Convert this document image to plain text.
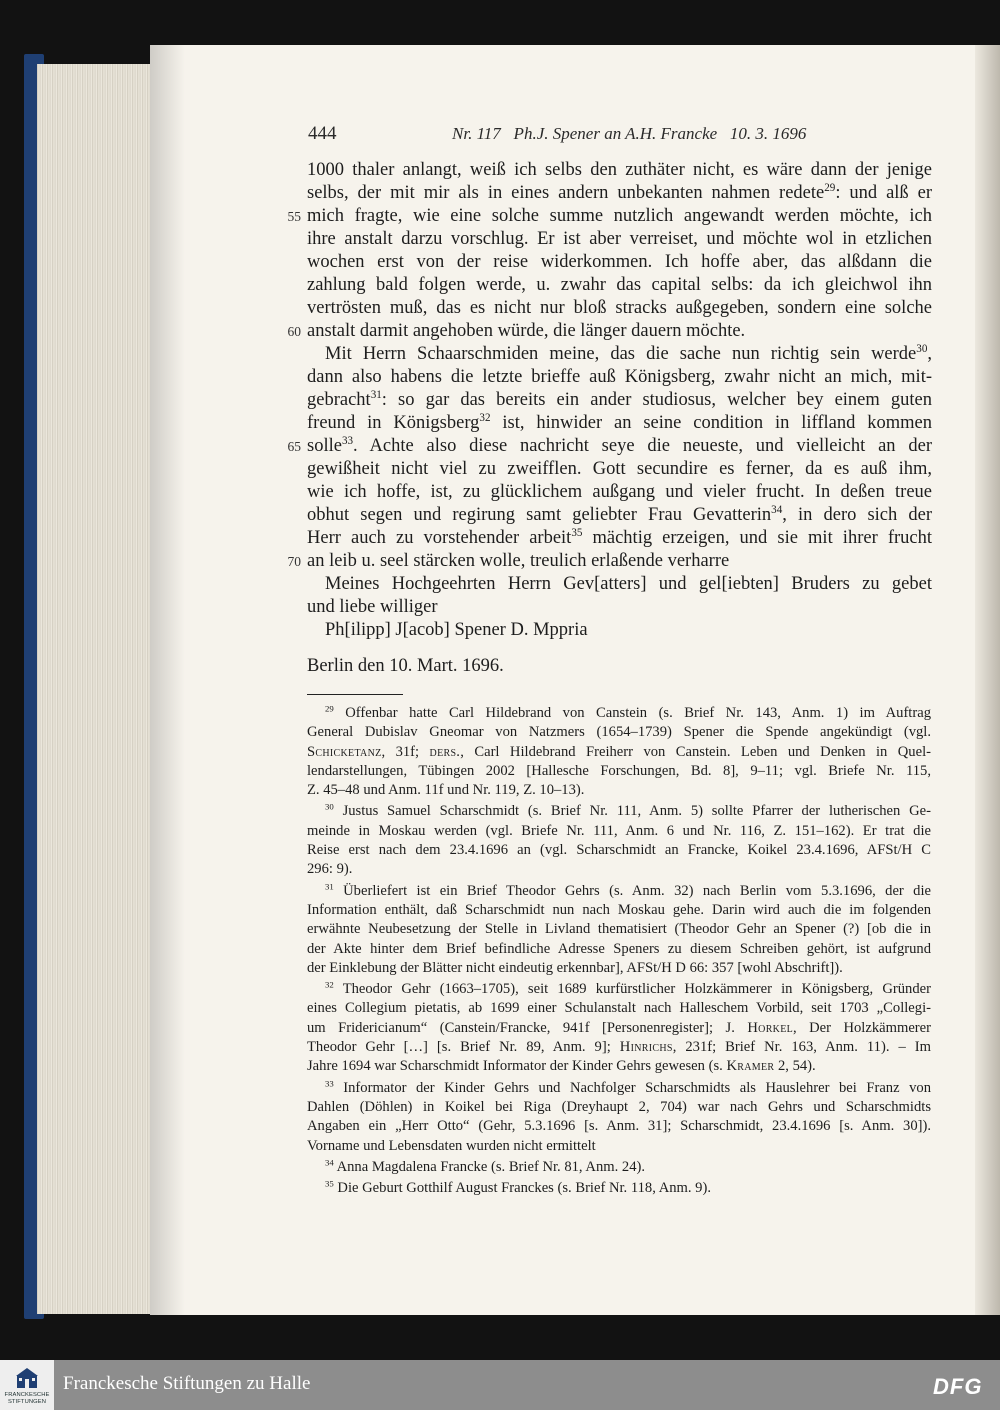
444	Nr. 117   Ph.J. Spener an A.H. Francke   10. 3. 1696
55
60
65
70
1000 thaler anlangt, weiß ich selbs den zuthäter nicht, es wäre dann der jenige
selbs, der mit mir als in eines andern unbekanten nahmen redete$^{29}$: und alß er
mich fragte, wie eine solche summe nutzlich angewandt werden möchte, ich
ihre anstalt darzu vorschlug. Er ist aber verreiset, und möchte wol in etzlichen
wochen erst von der reise widerkommen. Ich hoffe aber, das alßdann die
zahlung bald folgen werde, u. zwahr das capital selbs: da ich gleichwol ihn
vertrösten muß, das es nicht nur bloß stracks außgegeben, sondern eine solche
anstalt darmit angehoben würde, die länger dauern möchte.
Mit Herrn Schaarschmiden meine, das die sache nun richtig sein werde$^{30}$,
dann also habens die letzte brieffe auß Königsberg, zwahr nicht an mich, mit-
gebracht$^{31}$: so gar das bereits ein ander studiosus, welcher bey einem guten
freund in Königsberg$^{32}$ ist, hinwider an seine condition in liffland kommen
solle$^{33}$. Achte also diese nachricht seye die neueste, und vielleicht an der
gewißheit nicht viel zu zweifflen. Gott secundire es ferner, da es auß ihm,
wie ich hoffe, ist, zu glücklichem außgang und vieler frucht. In deßen treue
obhut segen und regirung samt geliebter Frau Gevatterin$^{34}$, in dero sich der
Herr auch zu vorstehender arbeit$^{35}$ mächtig erzeigen, und sie mit ihrer frucht
an leib u. seel stärcken wolle, treulich erlaßende verharre
Meines Hochgeehrten Herrn Gev[atters] und gel[iebten] Bruders zu gebet
und liebe williger
Ph[ilipp] J[acob] Spener D. Mppria
Berlin den 10. Mart. 1696.
$^{29}$ Offenbar hatte Carl Hildebrand von Canstein (s. Brief Nr. 143, Anm. 1) im Auftrag
General Dubislav Gneomar von Natzmers (1654–1739) Spener die Spende angekündigt (vgl.
Schicketanz, 31f; ders., Carl Hildebrand Freiherr von Canstein. Leben und Denken in Quel-
lendarstellungen, Tübingen 2002 [Hallesche Forschungen, Bd. 8], 9–11; vgl. Briefe Nr. 115,
Z. 45–48 und Anm. 11f und Nr. 119, Z. 10–13).
$^{30}$ Justus Samuel Scharschmidt (s. Brief Nr. 111, Anm. 5) sollte Pfarrer der lutherischen Ge-
meinde in Moskau werden (vgl. Briefe Nr. 111, Anm. 6 und Nr. 116, Z. 151–162). Er trat die
Reise erst nach dem 23.4.1696 an (vgl. Scharschmidt an Francke, Koikel 23.4.1696, AFSt/H C
296: 9).
$^{31}$ Überliefert ist ein Brief Theodor Gehrs (s. Anm. 32) nach Berlin vom 5.3.1696, der die
Information enthält, daß Scharschmidt nun nach Moskau gehe. Darin wird auch die im folgenden
erwähnte Neubesetzung der Stelle in Livland thematisiert (Theodor Gehr an Spener (?) [ob die in
der Akte hinter dem Brief befindliche Adresse Speners zu diesem Schreiben gehört, ist aufgrund
der Einklebung der Blätter nicht eindeutig erkennbar], AFSt/H D 66: 357 [wohl Abschrift]).
$^{32}$ Theodor Gehr (1663–1705), seit 1689 kurfürstlicher Holzkämmerer in Königsberg, Gründer
eines Collegium pietatis, ab 1699 einer Schulanstalt nach Halleschem Vorbild, seit 1703 „Collegi-
um Fridericianum“ (Canstein/Francke, 941f [Personenregister]; J. Horkel, Der Holzkämmerer
Theodor Gehr […] [s. Brief Nr. 89, Anm. 9]; Hinrichs, 231f; Brief Nr. 163, Anm. 11). – Im
Jahre 1694 war Scharschmidt Informator der Kinder Gehrs gewesen (s. Kramer 2, 54).
$^{33}$ Informator der Kinder Gehrs und Nachfolger Scharschmidts als Hauslehrer bei Franz von
Dahlen (Döhlen) in Koikel bei Riga (Dreyhaupt 2, 704) war nach Gehrs und Scharschmidts
Angaben ein „Herr Otto“ (Gehr, 5.3.1696 [s. Anm. 31]; Scharschmidt, 23.4.1696 [s. Anm. 30]).
Vorname und Lebensdaten wurden nicht ermittelt
$^{34}$ Anna Magdalena Francke (s. Brief Nr. 81, Anm. 24).
$^{35}$ Die Geburt Gotthilf August Franckes (s. Brief Nr. 118, Anm. 9).
FRANCKESCHE
STIFTUNGEN
Franckesche Stiftungen zu Halle	DFG
